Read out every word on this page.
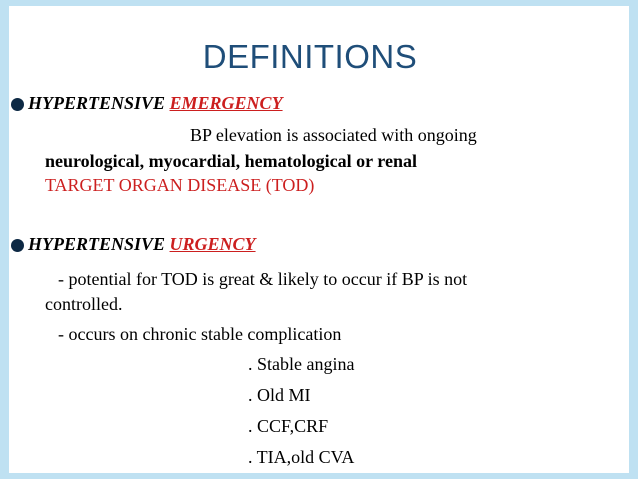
DEFINITIONS

HYPERTENSIVE EMERGENCY

BP elevation is associated with ongoing

neurological, myocardial, hematological or renal

TARGET ORGAN DISEASE (TOD)

HYPERTENSIVE URGENCY

- potential for TOD is great & likely to occur if BP is not

controlled.

- occurs on chronic stable complication

. Stable angina

. Old MI

. CCF,CRF

. TIA,old CVA
